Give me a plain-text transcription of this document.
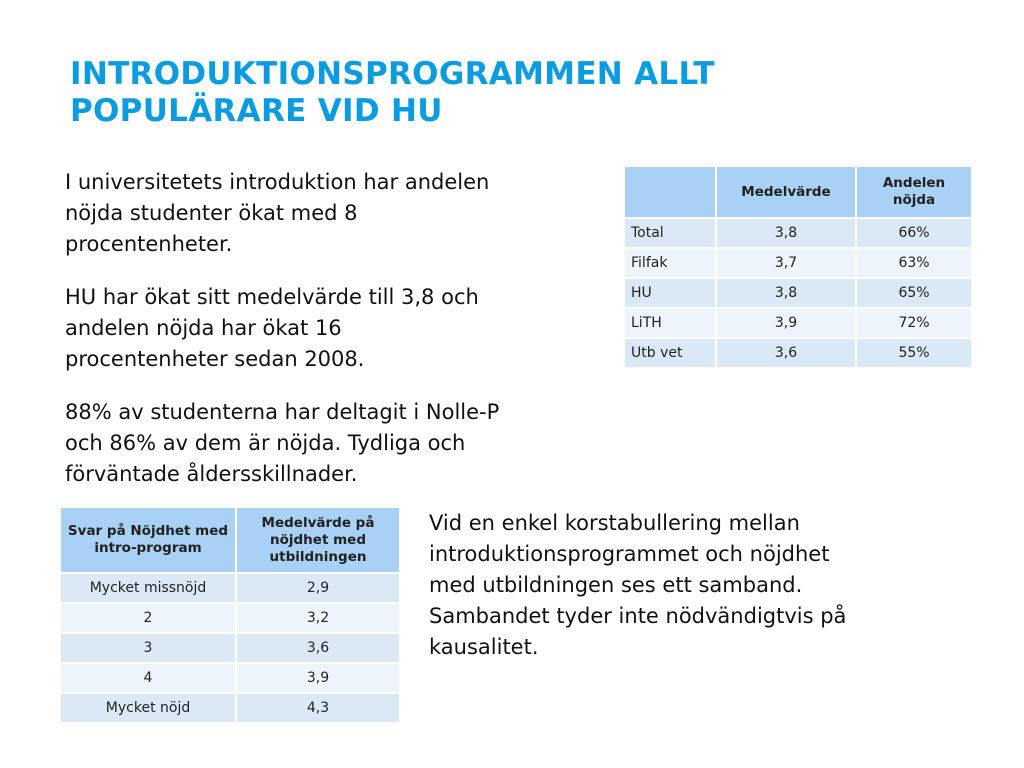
INTRODUKTIONSPROGRAMMEN ALLT
POPULÄRARE VID HU
I universitetets introduktion har andelen
nöjda studenter ökat med 8
procentenheter.
HU har ökat sitt medelvärde till 3,8 och
andelen nöjda har ökat 16
procentenheter sedan 2008.
88% av studenterna har deltagit i Nolle-P
och 86% av dem är nöjda. Tydliga och
förväntade åldersskillnader.
Vid en enkel korstabullering mellan
introduktionsprogrammet och nöjdhet
med utbildningen ses ett samband.
Sambandet tyder inte nödvändigtvis på
kausalitet.
	Medelvärde	Andelen nöjda
Total	3,8	66%
Filfak	3,7	63%
HU	3,8	65%
LiTH	3,9	72%
Utb vet	3,6	55%
Svar på Nöjdhet med intro-program	Medelvärde på nöjdhet med utbildningen
Mycket missnöjd	2,9
2	3,2
3	3,6
4	3,9
Mycket nöjd	4,3
